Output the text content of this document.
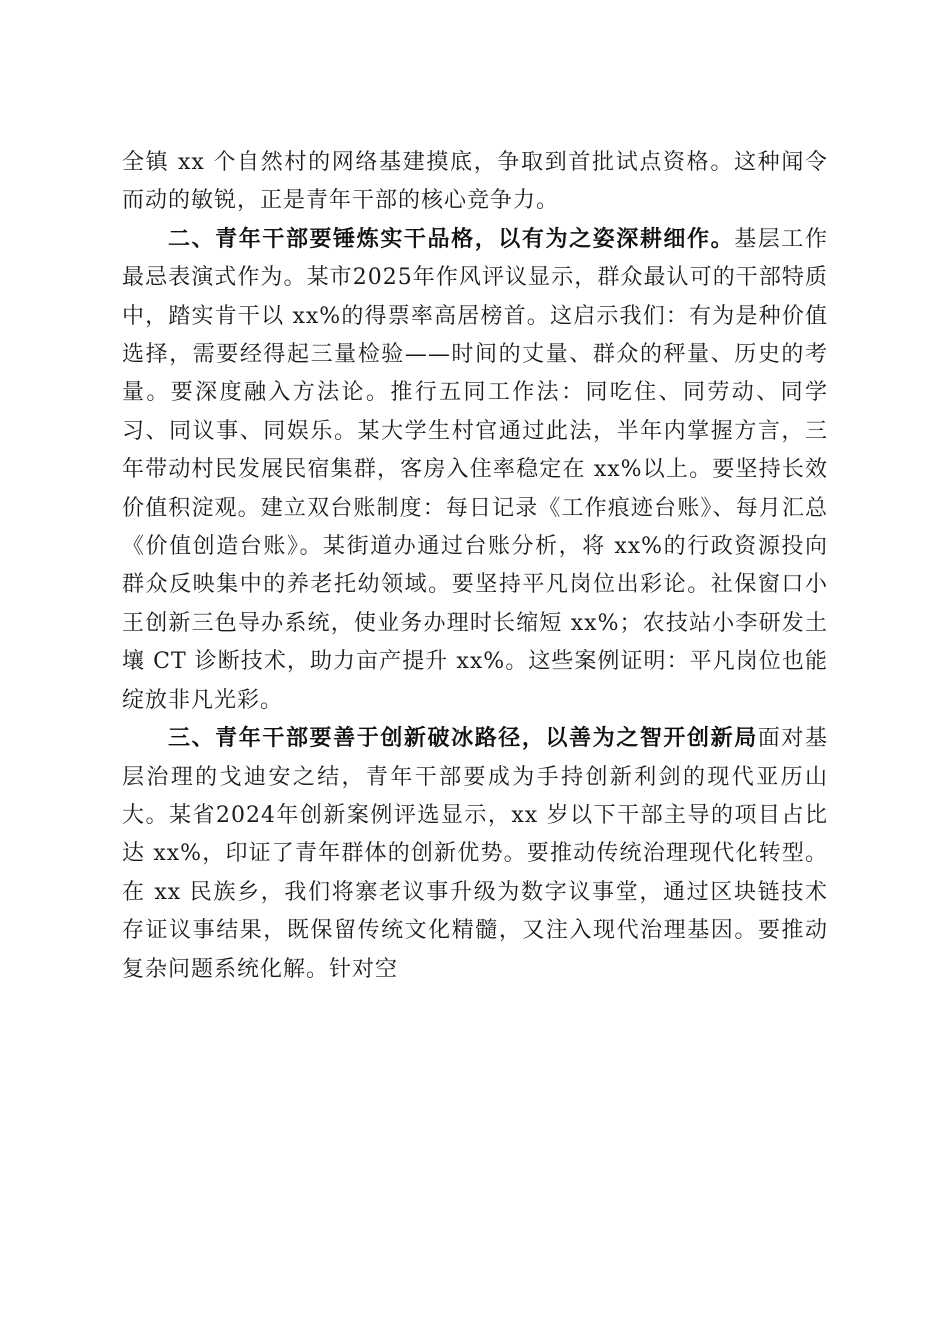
全镇 xx 个自然村的网络基建摸底，争取到首批试点资格。这种闻令而动的敏锐，正是青年干部的核心竞争力。

二、青年干部要锤炼实干品格，以有为之姿深耕细作。基层工作最忌表演式作为。某市2025年作风评议显示，群众最认可的干部特质中，踏实肯干以 xx%的得票率高居榜首。这启示我们：有为是种价值选择，需要经得起三量检验——时间的丈量、群众的秤量、历史的考量。要深度融入方法论。推行五同工作法：同吃住、同劳动、同学习、同议事、同娱乐。某大学生村官通过此法，半年内掌握方言，三年带动村民发展民宿集群，客房入住率稳定在 xx%以上。要坚持长效价值积淀观。建立双台账制度：每日记录《工作痕迹台账》、每月汇总《价值创造台账》。某街道办通过台账分析，将 xx%的行政资源投向群众反映集中的养老托幼领域。要坚持平凡岗位出彩论。社保窗口小王创新三色导办系统，使业务办理时长缩短 xx%；农技站小李研发土壤 CT 诊断技术，助力亩产提升 xx%。这些案例证明：平凡岗位也能绽放非凡光彩。

三、青年干部要善于创新破冰路径，以善为之智开创新局面对基层治理的戈迪安之结，青年干部要成为手持创新利剑的现代亚历山大。某省2024年创新案例评选显示，xx 岁以下干部主导的项目占比达 xx%，印证了青年群体的创新优势。要推动传统治理现代化转型。在 xx 民族乡，我们将寨老议事升级为数字议事堂，通过区块链技术存证议事结果，既保留传统文化精髓，又注入现代治理基因。要推动复杂问题系统化解。针对空
